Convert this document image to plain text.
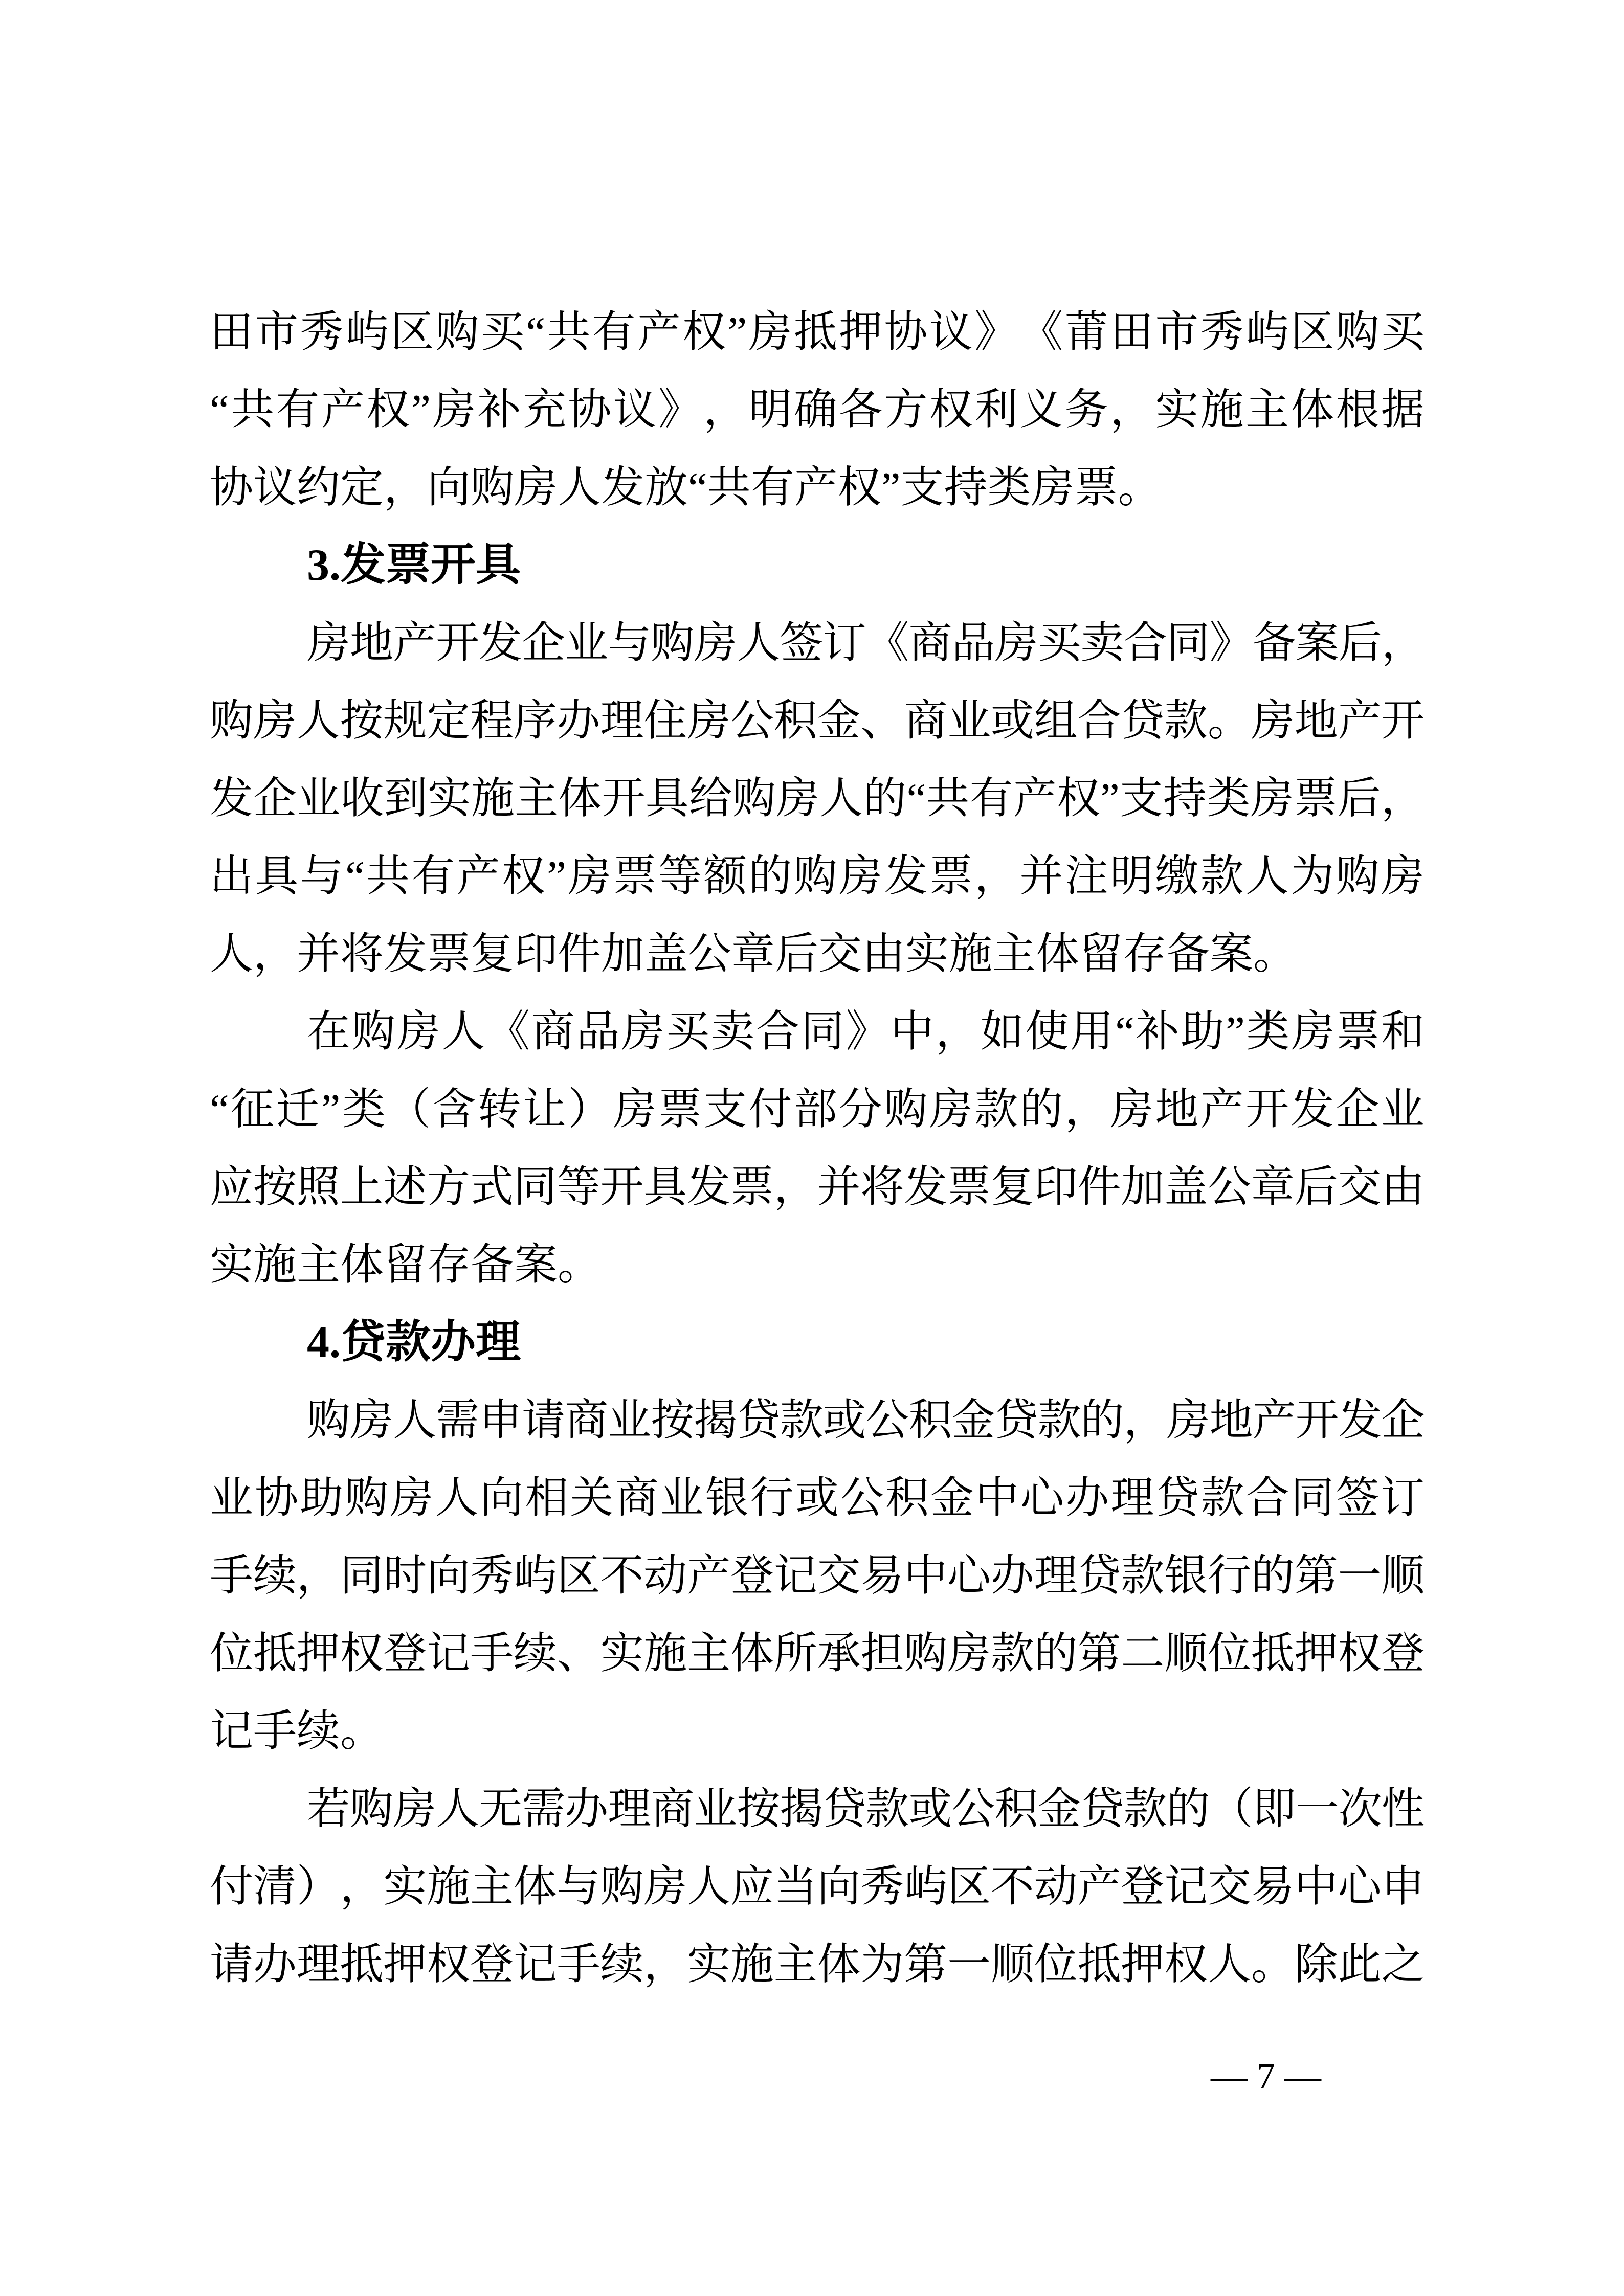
田 市 秀 屿 区 购 买 “ 共 有 产 权 ” 房 抵 押 协 议 》 《 莆 田 市 秀 屿 区 购 买
“ 共 有 产 权 ” 房 补 充 协 议 》 ， 明 确 各 方 权 利 义 务 ， 实 施 主 体 根 据
协议约定，向购房人发放“共有产权”支持类房票。
3.发票开具
房 地 产 开 发 企 业 与 购 房 人 签 订 《 商 品 房 买 卖 合 同 》 备 案 后 ，
购 房 人 按 规 定 程 序 办 理 住 房 公 积 金 、 商 业 或 组 合 贷 款 。 房 地 产 开
发 企 业 收 到 实 施 主 体 开 具 给 购 房 人 的 “ 共 有 产 权 ” 支 持 类 房 票 后 ，
出 具 与 “ 共 有 产 权 ” 房 票 等 额 的 购 房 发 票 ， 并 注 明 缴 款 人 为 购 房
人，并将发票复印件加盖公章后交由实施主体留存备案。
在 购 房 人 《 商 品 房 买 卖 合 同 》 中 ， 如 使 用 “ 补 助 ” 类 房 票 和
“ 征 迁 ” 类 （ 含 转 让 ） 房 票 支 付 部 分 购 房 款 的 ， 房 地 产 开 发 企 业
应 按 照 上 述 方 式 同 等 开 具 发 票 ， 并 将 发 票 复 印 件 加 盖 公 章 后 交 由
实施主体留存备案。
4.贷款办理
购 房 人 需 申 请 商 业 按 揭 贷 款 或 公 积 金 贷 款 的 ， 房 地 产 开 发 企
业 协 助 购 房 人 向 相 关 商 业 银 行 或 公 积 金 中 心 办 理 贷 款 合 同 签 订
手 续 ， 同 时 向 秀 屿 区 不 动 产 登 记 交 易 中 心 办 理 贷 款 银 行 的 第 一 顺
位 抵 押 权 登 记 手 续 、 实 施 主 体 所 承 担 购 房 款 的 第 二 顺 位 抵 押 权 登
记手续。
若 购 房 人 无 需 办 理 商 业 按 揭 贷 款 或 公 积 金 贷 款 的 （ 即 一 次 性
付 清 ） ， 实 施 主 体 与 购 房 人 应 当 向 秀 屿 区 不 动 产 登 记 交 易 中 心 申
请 办 理 抵 押 权 登 记 手 续 ， 实 施 主 体 为 第 一 顺 位 抵 押 权 人 。 除 此 之
— 7 —
